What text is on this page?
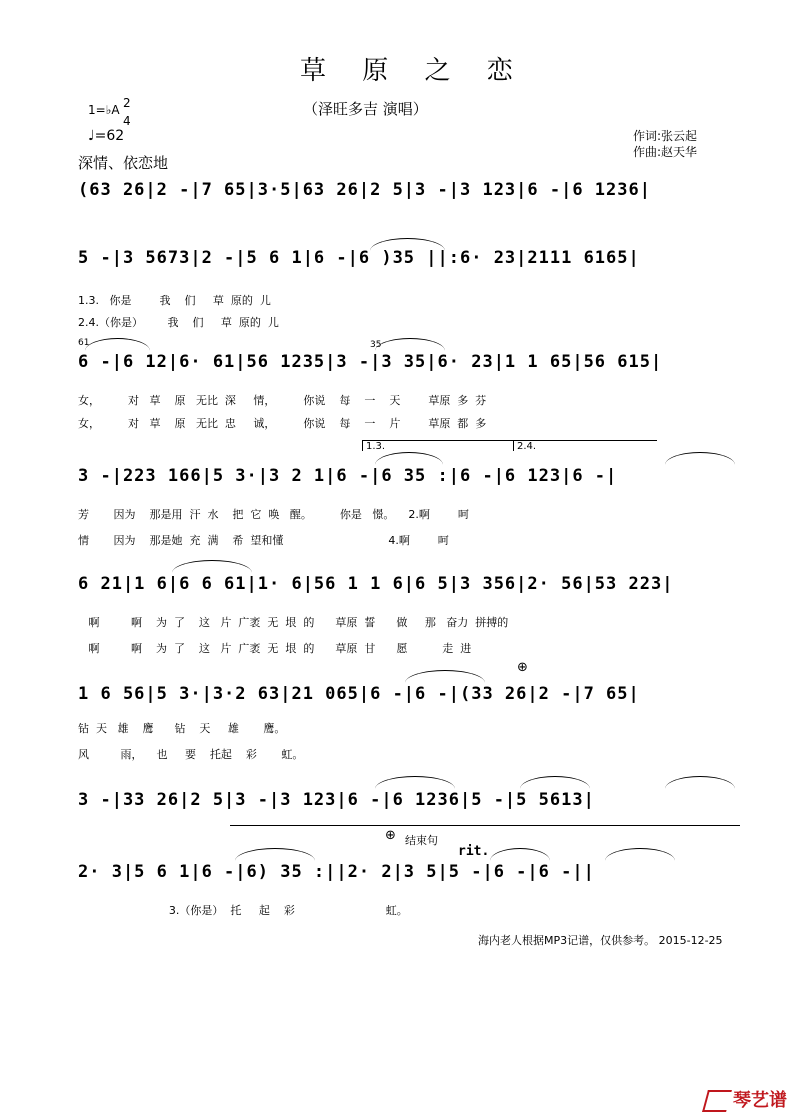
草 原 之 恋
（泽旺多吉 演唱）
1=♭A 2
4
♩=62
深情、依恋地
作词:张云起
作曲:赵天华
(63 26|2 -|7 65|3·5|63 26|2 5|3 -|3 123|6 -|6 1236|
5 -|3 5673|2 -|5 6 1|6 -|6 )35 ||:6· 23|2111 6165|
1.3.   你是        我    们     草  原的  儿
2.4.（你是）       我    们     草  原的  儿
61	35
6 -|6 12|6· 61|56 1235|3 -|3 35|6· 23|1 1 65|56 615|
女，        对   草    原   无比  深     情，        你说    每    一    天        草原  多  芬
女，        对   草    原   无比  忠     诚，        你说    每    一    片        草原  都  多
1.3.	2.4.
3 -|223 166|5 3·|3 2 1|6 -|6 35 :|6 -|6 123|6 -|
芳       因为    那是用  汗  水    把  它  唤   醒。        你是   憬。    2.啊        呵
情       因为    那是她  充  满    希  望和懂                              4.啊        呵
6 21|1 6|6 6 61|1· 6|56 1 1 6|6 5|3 356|2· 56|53 223|
啊         啊    为  了    这   片  广袤  无  垠  的      草原  誓      做     那   奋力  拼搏的
啊         啊    为  了    这   片  广袤  无  垠  的      草原  甘      愿          走  进
⊕
1 6 56|5 3·|3·2 63|21 065|6 -|6 -|(33 26|2 -|7 65|
钻  天   雄    鹰      钻    天     雄       鹰。
风         雨，    也     要    托起    彩       虹。
3 -|33 26|2 5|3 -|3 123|6 -|6 1236|5 -|5 5613|
⊕ 结束句
rit.
2· 3|5 6 1|6 -|6) 35 :||2· 2|3 5|5 -|6 -|6 -||
3.（你是）  托     起    彩                          虹。
海内老人根据MP3记谱，仅供参考。 2015-12-25
琴艺谱
